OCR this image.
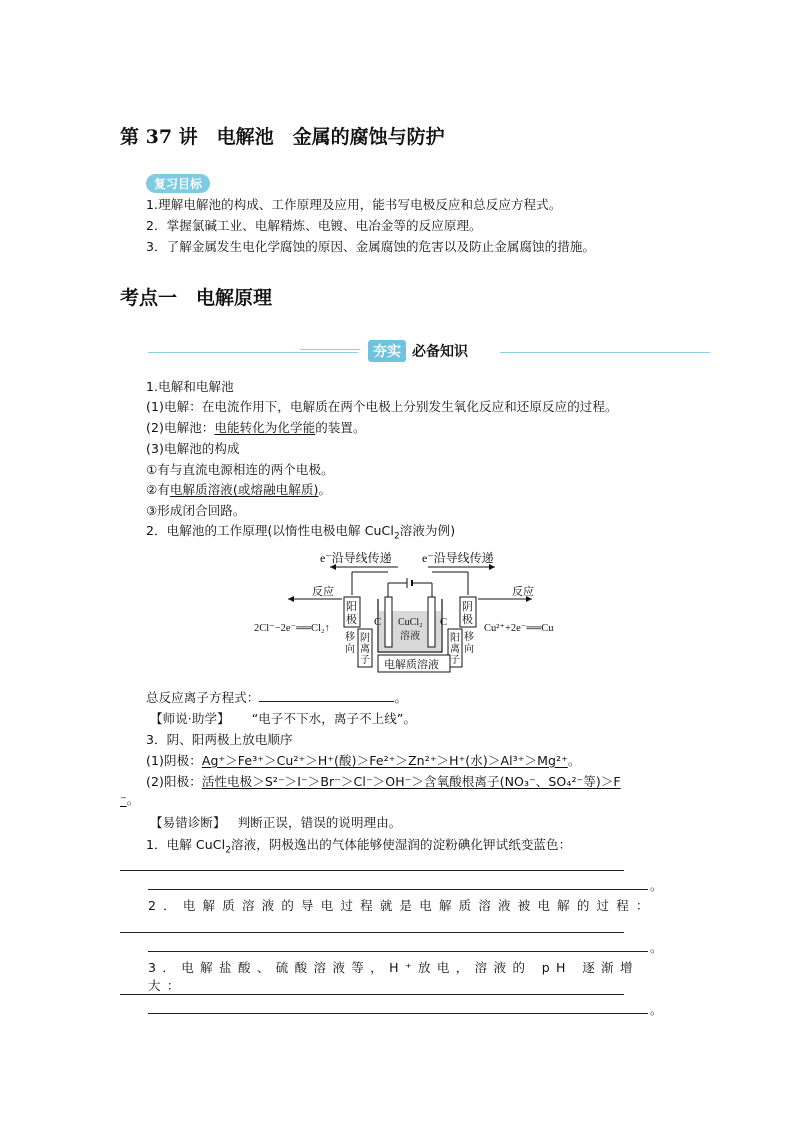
第 37 讲　电解池　金属的腐蚀与防护
复习目标
1.理解电解池的构成、工作原理及应用，能书写电极反应和总反应方程式。
2．掌握氯碱工业、电解精炼、电镀、电冶金等的反应原理。
3．了解金属发生电化学腐蚀的原因、金属腐蚀的危害以及防止金属腐蚀的措施。
考点一　电解原理
夯实 必备知识
1.电解和电解池
(1)电解：在电流作用下，电解质在两个电极上分别发生氧化反应和还原反应的过程。
(2)电解池：电能转化为化学能的装置。
(3)电解池的构成
①有与直流电源相连的两个电极。
②有电解质溶液(或熔融电解质)。
③形成闭合回路。
2．电解池的工作原理(以惰性电极电解 CuCl$_2$溶液为例)
e⁻沿导线传递	e⁻沿导线传递
C	C
CuCl₂
溶液
阳
极
阴
极
反应	反应
2Cl⁻−2e⁻══Cl₂↑	Cu²⁺+2e⁻══Cu
移
向
移
向
阴
离
子
阳
离
子
电解质溶液
总反应离子方程式：	。
【师说·助学】 “电子不下水，离子不上线”。
3．阴、阳两极上放电顺序
(1)阴极：Ag⁺＞Fe³⁺＞Cu²⁺＞H⁺(酸)＞Fe²⁺＞Zn²⁺＞H⁺(水)＞Al³⁺＞Mg²⁺。
(2)阳极：活性电极＞S²⁻＞I⁻＞Br⁻＞Cl⁻＞OH⁻＞含氧酸根离子(NO₃⁻、SO₄²⁻等)＞F
⁻。
【易错诊断】 判断正误，错误的说明理由。
1．电解 CuCl$_2$溶液，阴极逸出的气体能够使湿润的淀粉碘化钾试纸变蓝色：
。
2．电解质溶液的导电过程就是电解质溶液被电解的过程：
。
3．电解盐酸、硫酸溶液等，H⁺放电，溶液的 pH 逐渐增大：
。
